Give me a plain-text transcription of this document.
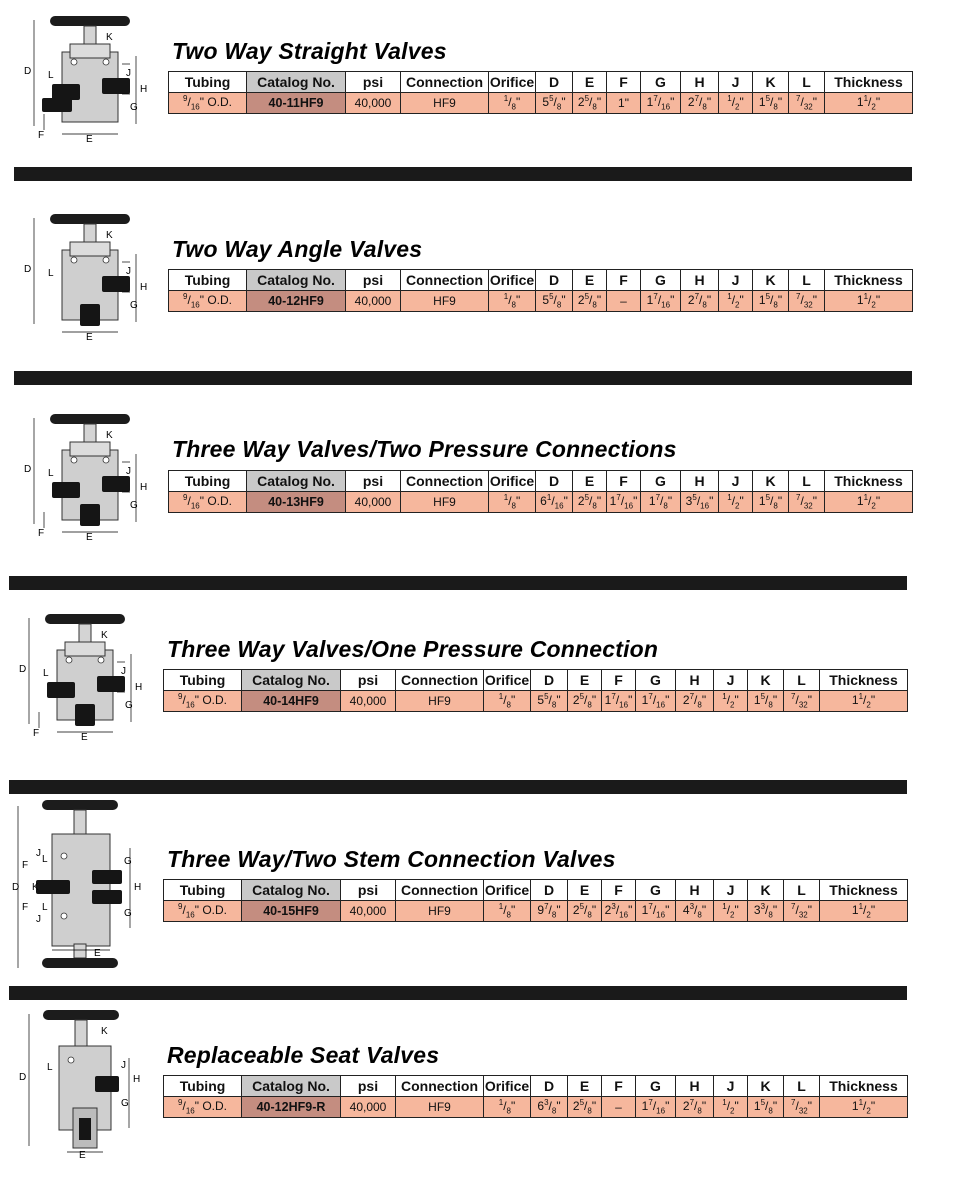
D
E
H
J
G
K
L
F
Two Way Straight Valves
Tubing	Catalog No.	psi	Connection	Orifice	D	E	F	G	H	J	K	L	Thickness
$^9/_{16}$" O.D.	40-11HF9	40,000	HF9	$^1/_8$"	$5^5/_8$"	$2^5/_8$"	1"	$1^7/_{16}$"	$2^7/_8$"	$^1/_2$"	$1^5/_8$"	$^7/_{32}$"	$1^1/_2$"
D
E
H
J
G
K
L
Two Way Angle Valves
Tubing	Catalog No.	psi	Connection	Orifice	D	E	F	G	H	J	K	L	Thickness
$^9/_{16}$" O.D.	40-12HF9	40,000	HF9	$^1/_8$"	$5^5/_8$"	$2^5/_8$"	–	$1^7/_{16}$"	$2^7/_8$"	$^1/_2$"	$1^5/_8$"	$^7/_{32}$"	$1^1/_2$"
D
E
H
J
G
K
L
F
Three Way Valves/Two Pressure Connections
Tubing	Catalog No.	psi	Connection	Orifice	D	E	F	G	H	J	K	L	Thickness
$^9/_{16}$" O.D.	40-13HF9	40,000	HF9	$^1/_8$"	$6^1/_{16}$"	$2^5/_8$"	$1^7/_{16}$"	$1^7/_8$"	$3^5/_{16}$"	$^1/_2$"	$1^5/_8$"	$^7/_{32}$"	$1^1/_2$"
D
E
H
J
G
K
L
F
Three Way Valves/One Pressure Connection
Tubing	Catalog No.	psi	Connection	Orifice	D	E	F	G	H	J	K	L	Thickness
$^9/_{16}$" O.D.	40-14HF9	40,000	HF9	$^1/_8$"	$5^5/_8$"	$2^5/_8$"	$1^7/_{16}$"	$1^7/_{16}$"	$2^7/_8$"	$^1/_2$"	$1^5/_8$"	$^7/_{32}$"	$1^1/_2$"
D
E
H
G
G
J
J
K
L
L
F
F
Three Way/Two Stem Connection Valves
Tubing	Catalog No.	psi	Connection	Orifice	D	E	F	G	H	J	K	L	Thickness
$^9/_{16}$" O.D.	40-15HF9	40,000	HF9	$^1/_8$"	$9^7/_8$"	$2^5/_8$"	$2^3/_{16}$"	$1^7/_{16}$"	$4^3/_8$"	$^1/_2$"	$3^3/_8$"	$^7/_{32}$"	$1^1/_2$"
D
E
H
J
G
K
L	Replaceable Seat Valves
Tubing	Catalog No.	psi	Connection	Orifice	D	E	F	G	H	J	K	L	Thickness
$^9/_{16}$" O.D.	40-12HF9-R	40,000	HF9	$^1/_8$"	$6^3/_8$"	$2^5/_8$"	–	$1^7/_{16}$"	$2^7/_8$"	$^1/_2$"	$1^5/_8$"	$^7/_{32}$"	$1^1/_2$"
